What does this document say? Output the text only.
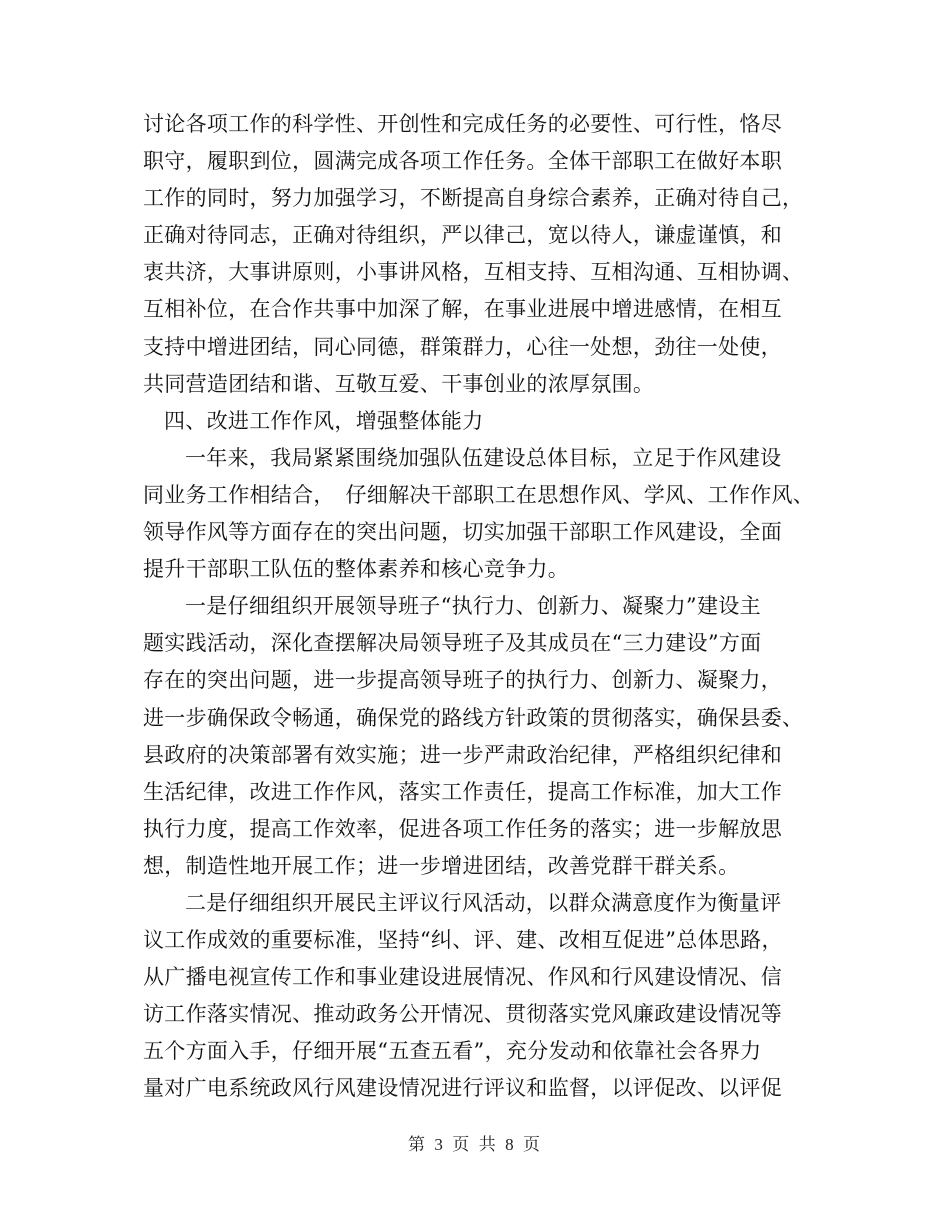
讨论各项工作的科学性、开创性和完成任务的必要性、可行性，恪尽
职守，履职到位，圆满完成各项工作任务。全体干部职工在做好本职
工作的同时，努力加强学习，不断提高自身综合素养，正确对待自己，
正确对待同志，正确对待组织，严以律己，宽以待人，谦虚谨慎，和
衷共济，大事讲原则，小事讲风格，互相支持、互相沟通、互相协调、
互相补位，在合作共事中加深了解，在事业进展中增进感情，在相互
支持中增进团结，同心同德，群策群力，心往一处想，劲往一处使，
共同营造团结和谐、互敬互爱、干事创业的浓厚氛围。
四、改进工作作风，增强整体能力
一年来，我局紧紧围绕加强队伍建设总体目标，立足于作风建设
同业务工作相结合，　仔细解决干部职工在思想作风、学风、工作作风、
领导作风等方面存在的突出问题，切实加强干部职工作风建设，全面
提升干部职工队伍的整体素养和核心竞争力。
一是仔细组织开展领导班子“执行力、创新力、凝聚力”建设主
题实践活动，深化查摆解决局领导班子及其成员在“三力建设”方面
存在的突出问题，进一步提高领导班子的执行力、创新力、凝聚力，
进一步确保政令畅通，确保党的路线方针政策的贯彻落实，确保县委、
县政府的决策部署有效实施；进一步严肃政治纪律，严格组织纪律和
生活纪律，改进工作作风，落实工作责任，提高工作标准，加大工作
执行力度，提高工作效率，促进各项工作任务的落实；进一步解放思
想，制造性地开展工作；进一步增进团结，改善党群干群关系。
二是仔细组织开展民主评议行风活动，以群众满意度作为衡量评
议工作成效的重要标准，坚持“纠、评、建、改相互促进”总体思路，
从广播电视宣传工作和事业建设进展情况、作风和行风建设情况、信
访工作落实情况、推动政务公开情况、贯彻落实党风廉政建设情况等
五个方面入手，仔细开展“五查五看”，充分发动和依靠社会各界力
量对广电系统政风行风建设情况进行评议和监督，以评促改、以评促
第 3 页 共 8 页
